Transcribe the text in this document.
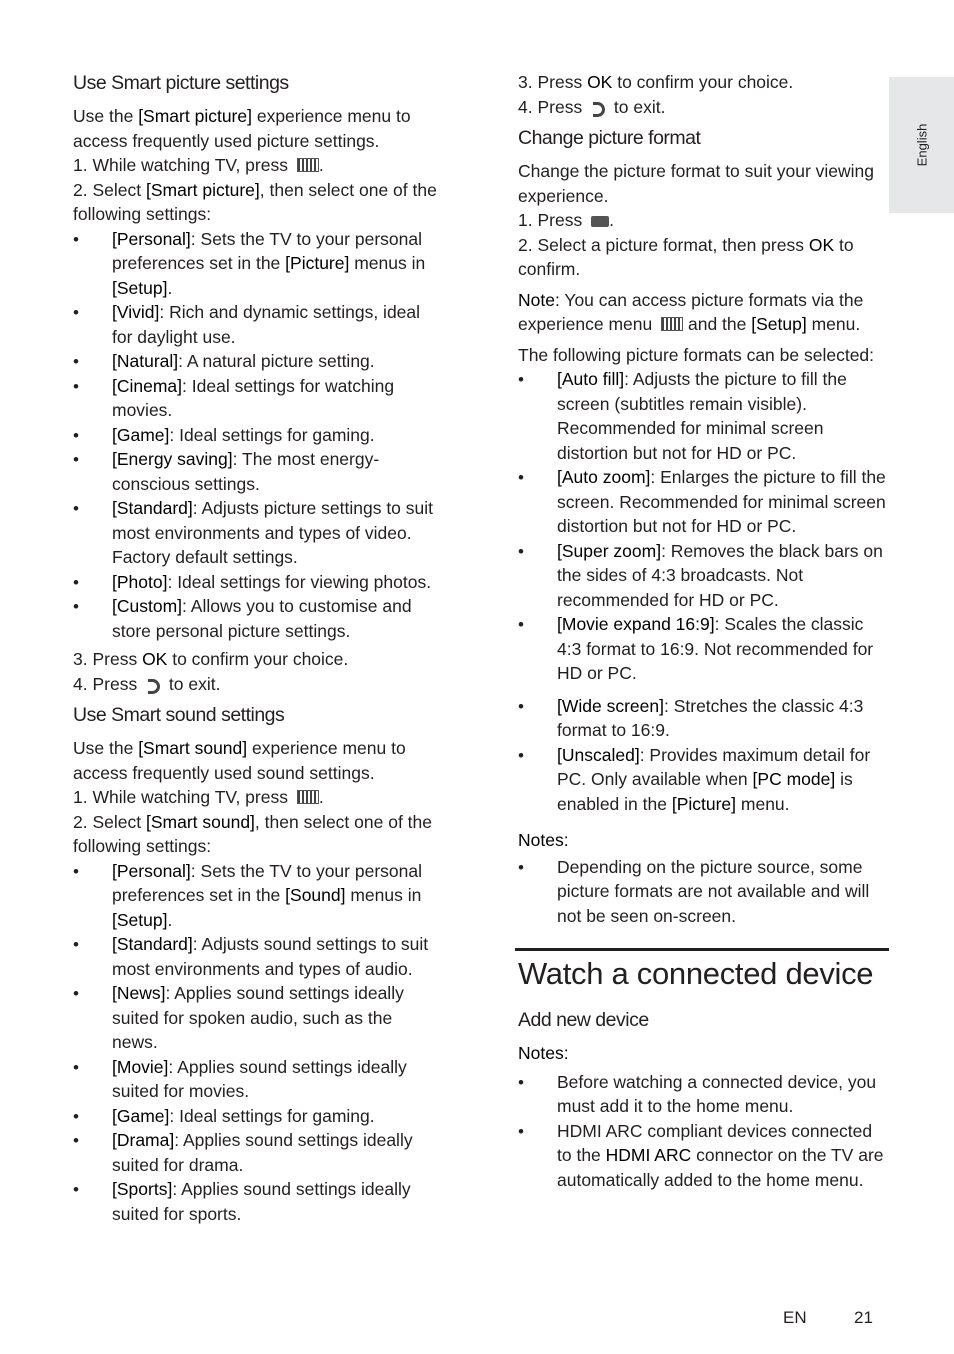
English
Use Smart picture settings

Use the [Smart picture] experience menu to access frequently used picture settings.

1. While watching TV, press .

2. Select [Smart picture], then select one of the following settings:

•
[Personal]: Sets the TV to your personal preferences set in the [Picture] menus in [Setup].
•
[Vivid]: Rich and dynamic settings, ideal for daylight use.
•
[Natural]: A natural picture setting.
•
[Cinema]: Ideal settings for watching movies.
•
[Game]: Ideal settings for gaming.
•
[Energy saving]: The most energy-conscious settings.
•
[Standard]: Adjusts picture settings to suit most environments and types of video. Factory default settings.
•
[Photo]: Ideal settings for viewing photos.
•
[Custom]: Allows you to customise and store personal picture settings.

3. Press OK to confirm your choice.

4. Press  to exit.

Use Smart sound settings

Use the [Smart sound] experience menu to access frequently used sound settings.

1. While watching TV, press .

2. Select [Smart sound], then select one of the following settings:

•
[Personal]: Sets the TV to your personal preferences set in the [Sound] menus in [Setup].
•
[Standard]: Adjusts sound settings to suit most environments and types of audio.
•
[News]: Applies sound settings ideally suited for spoken audio, such as the news.
•
[Movie]: Applies sound settings ideally suited for movies.
•
[Game]: Ideal settings for gaming.
•
[Drama]: Applies sound settings ideally suited for drama.
•
[Sports]: Applies sound settings ideally suited for sports.

3. Press OK to confirm your choice.

4. Press  to exit.

Change picture format

Change the picture format to suit your viewing experience.

1. Press .

2. Select a picture format, then press OK to confirm.

Note: You can access picture formats via the experience menu  and the [Setup] menu.

The following picture formats can be selected:

•
[Auto fill]: Adjusts the picture to fill the screen (subtitles remain visible). Recommended for minimal screen distortion but not for HD or PC.
•
[Auto zoom]: Enlarges the picture to fill the screen. Recommended for minimal screen distortion but not for HD or PC.
•
[Super zoom]: Removes the black bars on the sides of 4:3 broadcasts. Not recommended for HD or PC.
•
[Movie expand 16:9]: Scales the classic 4:3 format to 16:9. Not recommended for HD or PC.
•
[Wide screen]: Stretches the classic 4:3 format to 16:9.
•
[Unscaled]: Provides maximum detail for PC. Only available when [PC mode] is enabled in the [Picture] menu.

Notes:

•
Depending on the picture source, some picture formats are not available and will not be seen on-screen.
Watch a connected device
Add new device

Notes:

•
Before watching a connected device, you must add it to the home menu.
•
HDMI ARC compliant devices connected to the HDMI ARC connector on the TV are automatically added to the home menu.
EN	21
